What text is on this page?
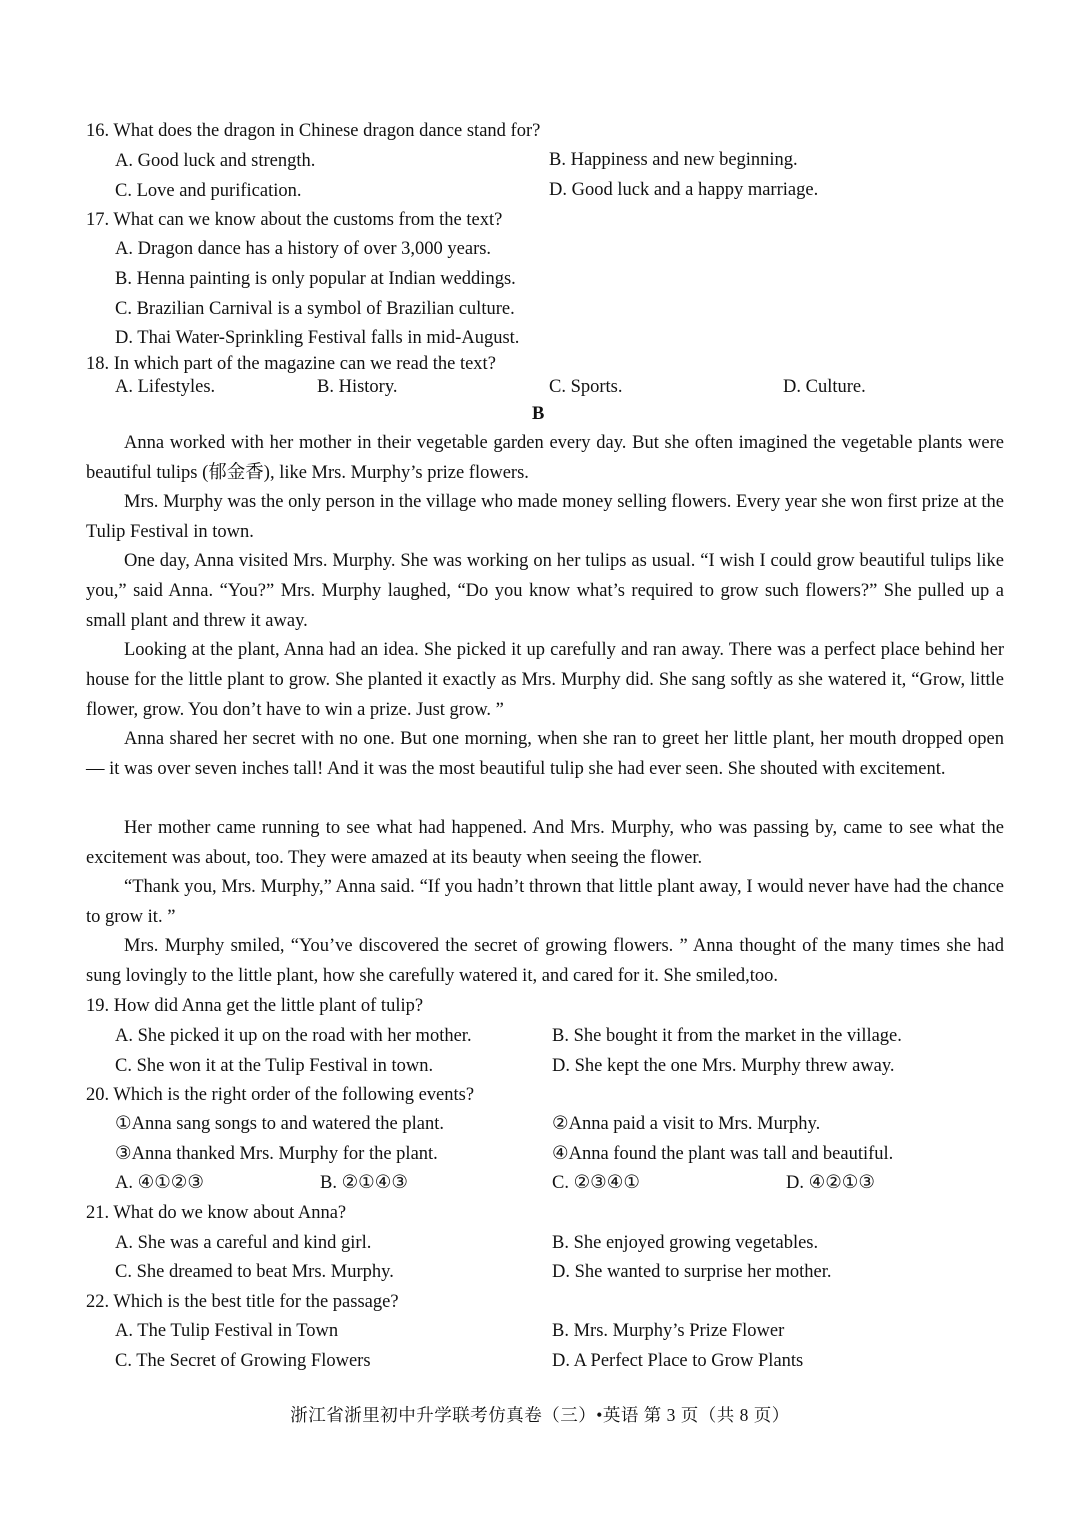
16. What does the dragon in Chinese dragon dance stand for?
A. Good luck and strength.	B. Happiness and new beginning.
C. Love and purification.	D. Good luck and a happy marriage.
17. What can we know about the customs from the text?
A. Dragon dance has a history of over 3,000 years.
B. Henna painting is only popular at Indian weddings.
C. Brazilian Carnival is a symbol of Brazilian culture.
D. Thai Water-Sprinkling Festival falls in mid-August.
18. In which part of the magazine can we read the text?
A. Lifestyles.	B. History.	C. Sports.	D. Culture.
B
Anna worked with her mother in their vegetable garden every day. But she often imagined the vegetable plants were beautiful tulips (郁金香), like Mrs. Murphy’s prize flowers.
Mrs. Murphy was the only person in the village who made money selling flowers. Every year she won first prize at the Tulip Festival in town.
One day, Anna visited Mrs. Murphy. She was working on her tulips as usual. “I wish I could grow beautiful tulips like you,” said Anna. “You?” Mrs. Murphy laughed, “Do you know what’s required to grow such flowers?” She pulled up a small plant and threw it away.
Looking at the plant, Anna had an idea. She picked it up carefully and ran away. There was a perfect place behind her house for the little plant to grow. She planted it exactly as Mrs. Murphy did. She sang softly as she watered it, “Grow, little flower, grow. You don’t have to win a prize. Just grow. ”
Anna shared her secret with no one. But one morning, when she ran to greet her little plant, her mouth dropped open — it was over seven inches tall! And it was the most beautiful tulip she had ever seen. She shouted with excitement.
Her mother came running to see what had happened. And Mrs. Murphy, who was passing by, came to see what the excitement was about, too. They were amazed at its beauty when seeing the flower.
“Thank you, Mrs. Murphy,” Anna said. “If you hadn’t thrown that little plant away, I would never have had the chance to grow it. ”
Mrs. Murphy smiled, “You’ve discovered the secret of growing flowers. ” Anna thought of the many times she had sung lovingly to the little plant, how she carefully watered it, and cared for it. She smiled,too.
19. How did Anna get the little plant of tulip?
A. She picked it up on the road with her mother.	B. She bought it from the market in the village.
C. She won it at the Tulip Festival in town.	D. She kept the one Mrs. Murphy threw away.
20. Which is the right order of the following events?
①Anna sang songs to and watered the plant.	②Anna paid a visit to Mrs. Murphy.
③Anna thanked Mrs. Murphy for the plant.	④Anna found the plant was tall and beautiful.
A. ④①②③	B. ②①④③	C. ②③④①	D. ④②①③
21. What do we know about Anna?
A. She was a careful and kind girl.	B. She enjoyed growing vegetables.
C. She dreamed to beat Mrs. Murphy.	D. She wanted to surprise her mother.
22. Which is the best title for the passage?
A. The Tulip Festival in Town	B. Mrs. Murphy’s Prize Flower
C. The Secret of Growing Flowers	D. A Perfect Place to Grow Plants
浙江省浙里初中升学联考仿真卷（三）•英语 第 3 页（共 8 页）
